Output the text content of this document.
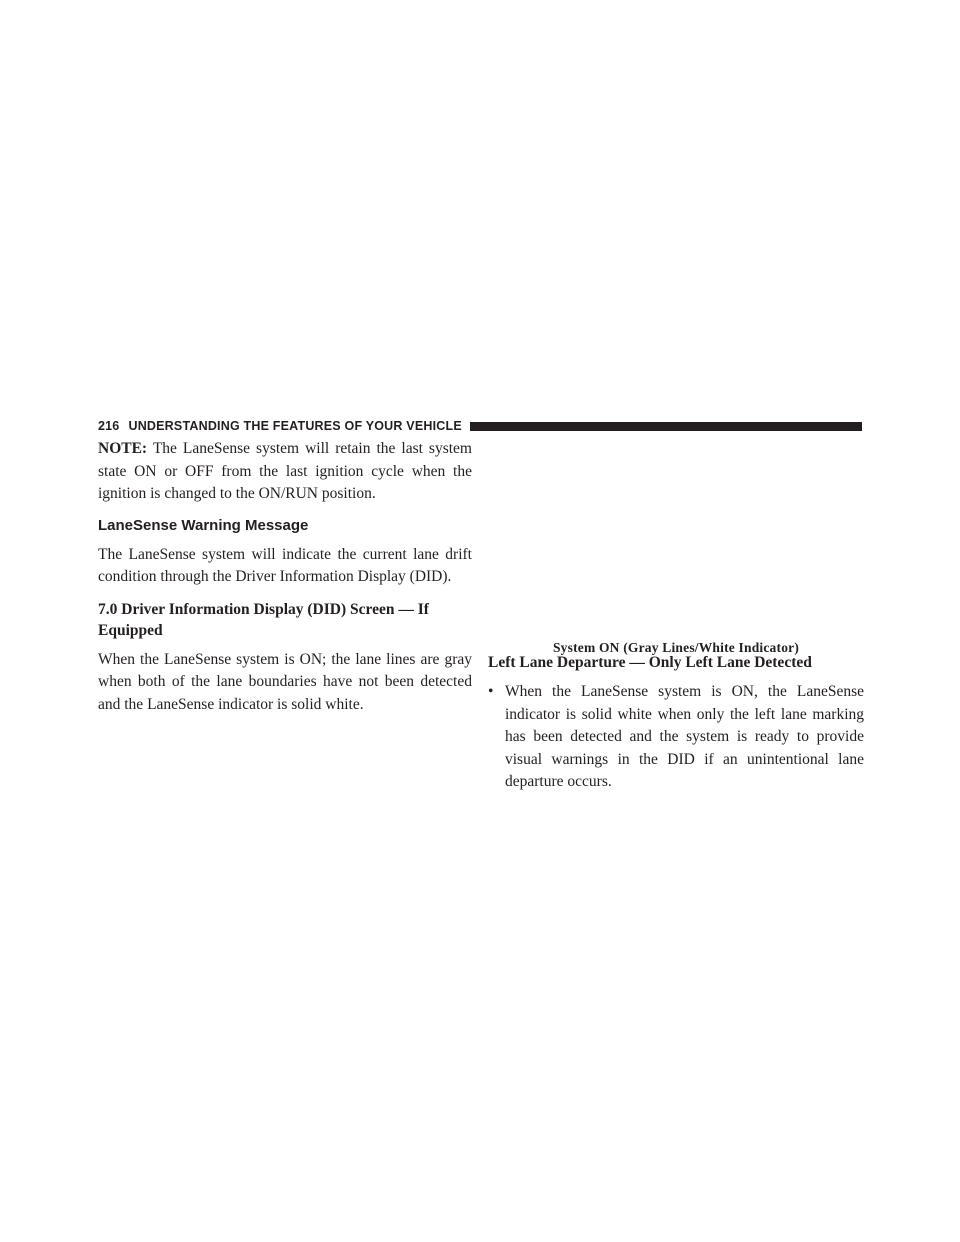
216 UNDERSTANDING THE FEATURES OF YOUR VEHICLE

NOTE: The LaneSense system will retain the last system state ON or OFF from the last ignition cycle when the ignition is changed to the ON/RUN position.

LaneSense Warning Message

The LaneSense system will indicate the current lane drift condition through the Driver Information Display (DID).

7.0 Driver Information Display (DID) Screen — If Equipped

When the LaneSense system is ON; the lane lines are gray when both of the lane boundaries have not been detected and the LaneSense indicator is solid white.

System ON (Gray Lines/White Indicator)
Left Lane Departure — Only Left Lane Detected
• When the LaneSense system is ON, the LaneSense indicator is solid white when only the left lane marking has been detected and the system is ready to provide visual warnings in the DID if an unintentional lane departure occurs.
